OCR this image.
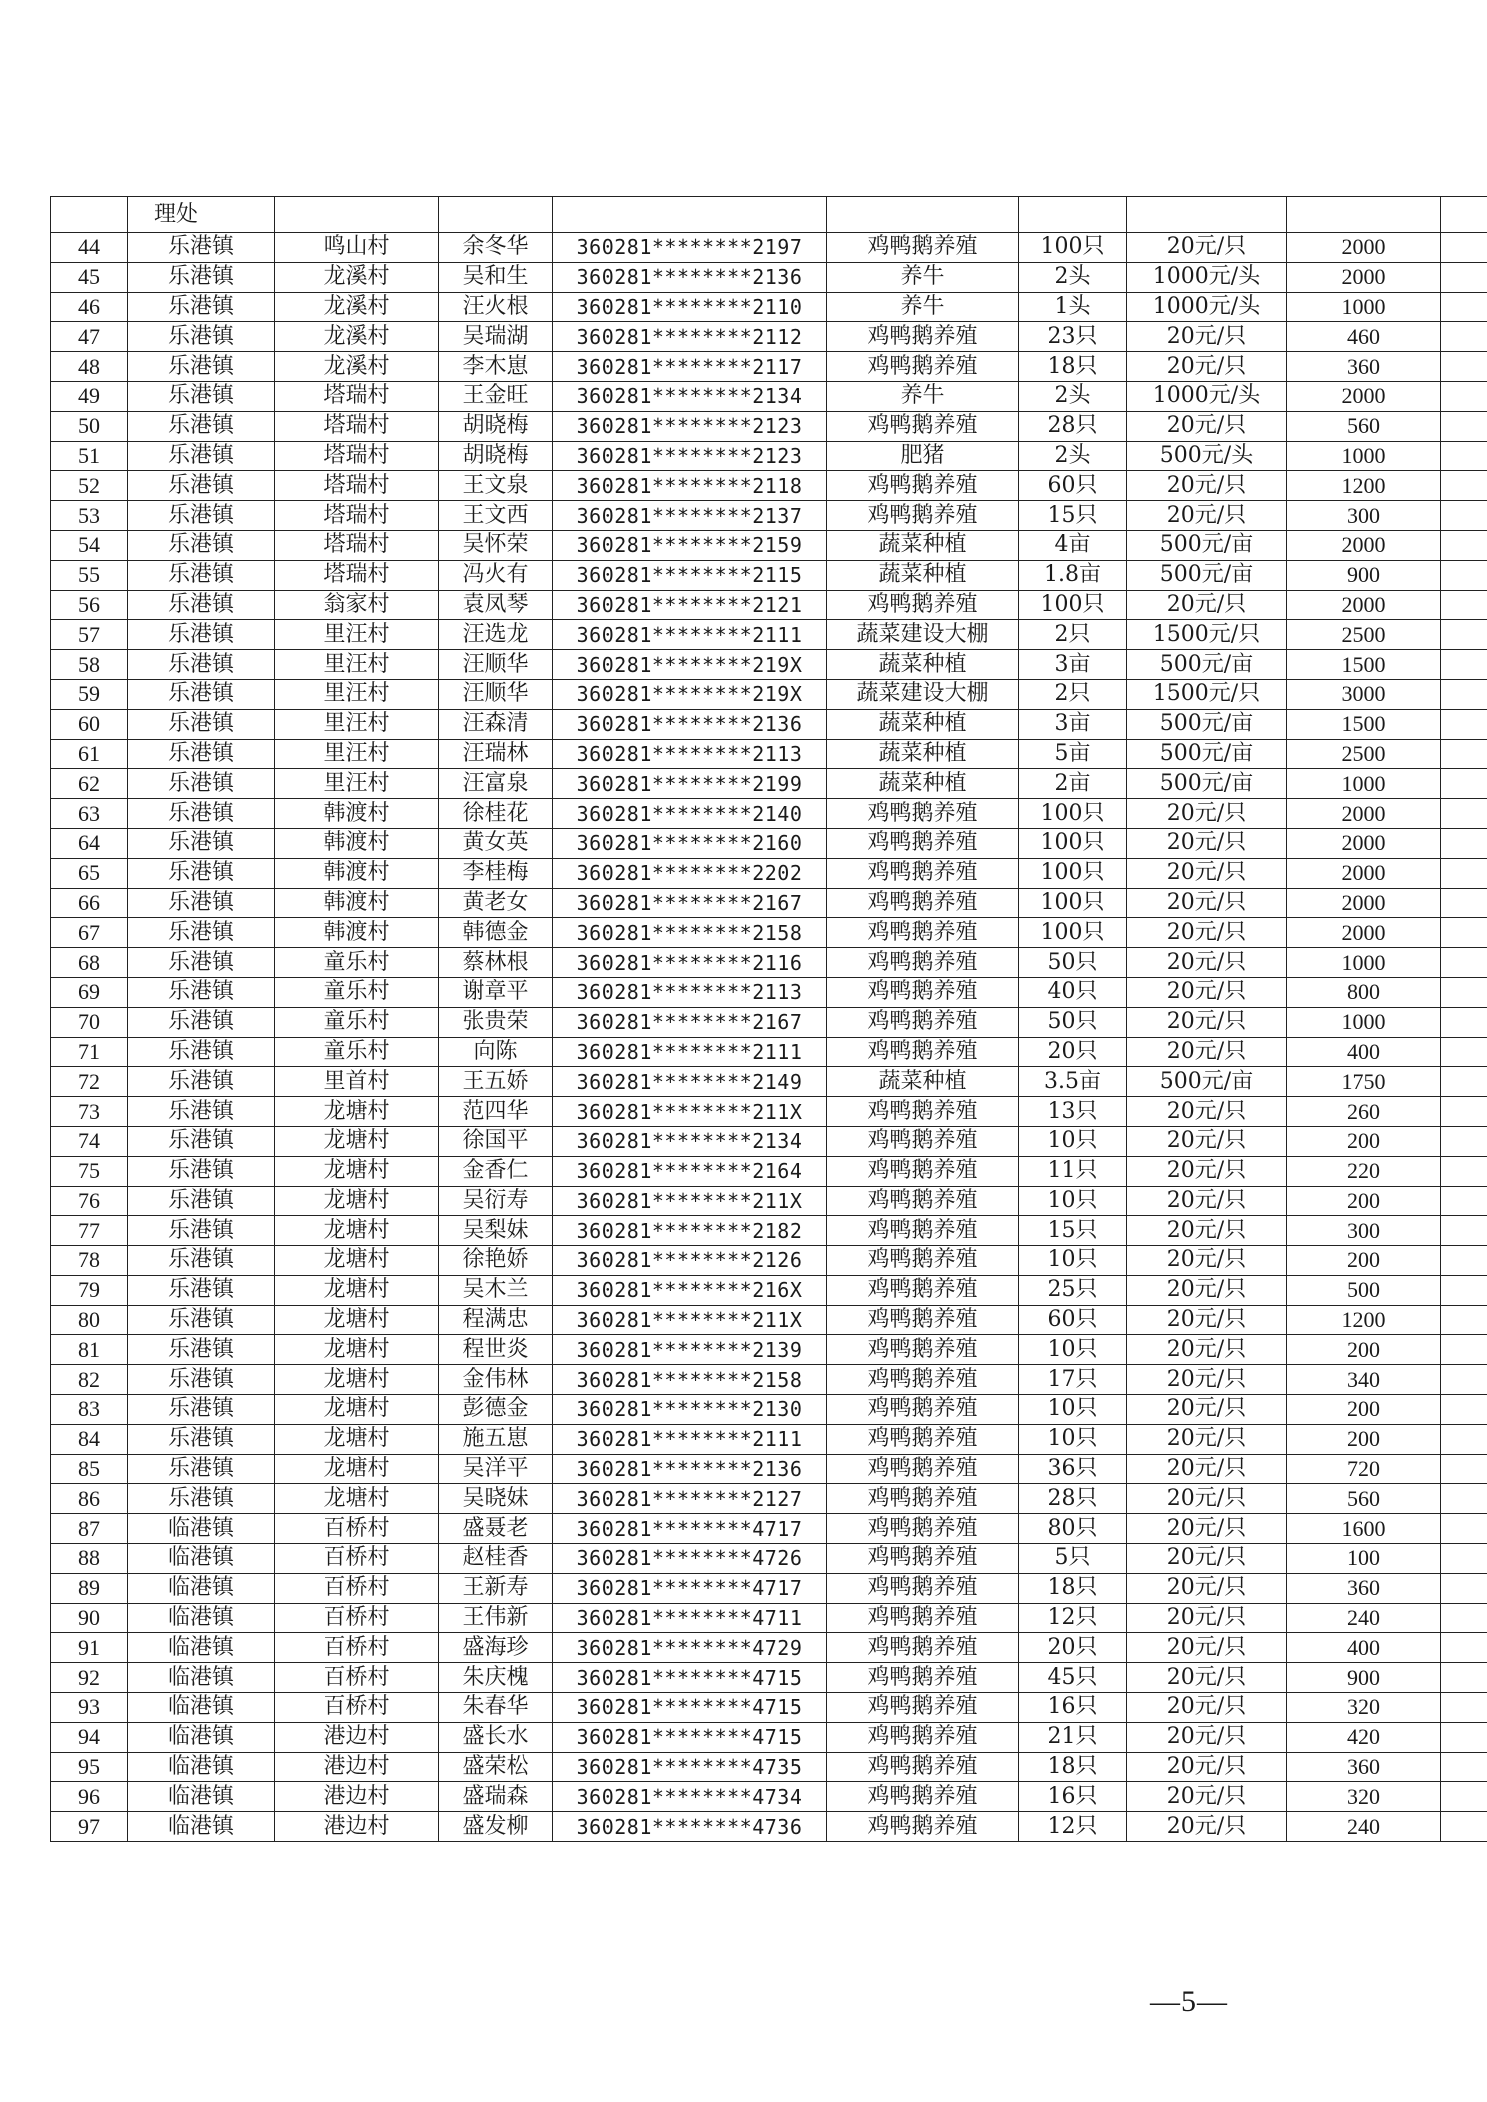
	理处								
44	乐港镇	鸣山村	余冬华	360281********2197	鸡鸭鹅养殖	100只	20元/只	2000	
45	乐港镇	龙溪村	吴和生	360281********2136	养牛	2头	1000元/头	2000	
46	乐港镇	龙溪村	汪火根	360281********2110	养牛	1头	1000元/头	1000	
47	乐港镇	龙溪村	吴瑞湖	360281********2112	鸡鸭鹅养殖	23只	20元/只	460	
48	乐港镇	龙溪村	李木崽	360281********2117	鸡鸭鹅养殖	18只	20元/只	360	
49	乐港镇	塔瑞村	王金旺	360281********2134	养牛	2头	1000元/头	2000	
50	乐港镇	塔瑞村	胡晓梅	360281********2123	鸡鸭鹅养殖	28只	20元/只	560	
51	乐港镇	塔瑞村	胡晓梅	360281********2123	肥猪	2头	500元/头	1000	
52	乐港镇	塔瑞村	王文泉	360281********2118	鸡鸭鹅养殖	60只	20元/只	1200	
53	乐港镇	塔瑞村	王文西	360281********2137	鸡鸭鹅养殖	15只	20元/只	300	
54	乐港镇	塔瑞村	吴怀荣	360281********2159	蔬菜种植	4亩	500元/亩	2000	
55	乐港镇	塔瑞村	冯火有	360281********2115	蔬菜种植	1.8亩	500元/亩	900	
56	乐港镇	翁家村	袁凤琴	360281********2121	鸡鸭鹅养殖	100只	20元/只	2000	
57	乐港镇	里汪村	汪选龙	360281********2111	蔬菜建设大棚	2只	1500元/只	2500	
58	乐港镇	里汪村	汪顺华	360281********219X	蔬菜种植	3亩	500元/亩	1500	
59	乐港镇	里汪村	汪顺华	360281********219X	蔬菜建设大棚	2只	1500元/只	3000	
60	乐港镇	里汪村	汪森清	360281********2136	蔬菜种植	3亩	500元/亩	1500	
61	乐港镇	里汪村	汪瑞林	360281********2113	蔬菜种植	5亩	500元/亩	2500	
62	乐港镇	里汪村	汪富泉	360281********2199	蔬菜种植	2亩	500元/亩	1000	
63	乐港镇	韩渡村	徐桂花	360281********2140	鸡鸭鹅养殖	100只	20元/只	2000	
64	乐港镇	韩渡村	黄女英	360281********2160	鸡鸭鹅养殖	100只	20元/只	2000	
65	乐港镇	韩渡村	李桂梅	360281********2202	鸡鸭鹅养殖	100只	20元/只	2000	
66	乐港镇	韩渡村	黄老女	360281********2167	鸡鸭鹅养殖	100只	20元/只	2000	
67	乐港镇	韩渡村	韩德金	360281********2158	鸡鸭鹅养殖	100只	20元/只	2000	
68	乐港镇	童乐村	蔡林根	360281********2116	鸡鸭鹅养殖	50只	20元/只	1000	
69	乐港镇	童乐村	谢章平	360281********2113	鸡鸭鹅养殖	40只	20元/只	800	
70	乐港镇	童乐村	张贵荣	360281********2167	鸡鸭鹅养殖	50只	20元/只	1000	
71	乐港镇	童乐村	向陈	360281********2111	鸡鸭鹅养殖	20只	20元/只	400	
72	乐港镇	里首村	王五娇	360281********2149	蔬菜种植	3.5亩	500元/亩	1750	
73	乐港镇	龙塘村	范四华	360281********211X	鸡鸭鹅养殖	13只	20元/只	260	
74	乐港镇	龙塘村	徐国平	360281********2134	鸡鸭鹅养殖	10只	20元/只	200	
75	乐港镇	龙塘村	金香仁	360281********2164	鸡鸭鹅养殖	11只	20元/只	220	
76	乐港镇	龙塘村	吴衍寿	360281********211X	鸡鸭鹅养殖	10只	20元/只	200	
77	乐港镇	龙塘村	吴梨妹	360281********2182	鸡鸭鹅养殖	15只	20元/只	300	
78	乐港镇	龙塘村	徐艳娇	360281********2126	鸡鸭鹅养殖	10只	20元/只	200	
79	乐港镇	龙塘村	吴木兰	360281********216X	鸡鸭鹅养殖	25只	20元/只	500	
80	乐港镇	龙塘村	程满忠	360281********211X	鸡鸭鹅养殖	60只	20元/只	1200	
81	乐港镇	龙塘村	程世炎	360281********2139	鸡鸭鹅养殖	10只	20元/只	200	
82	乐港镇	龙塘村	金伟林	360281********2158	鸡鸭鹅养殖	17只	20元/只	340	
83	乐港镇	龙塘村	彭德金	360281********2130	鸡鸭鹅养殖	10只	20元/只	200	
84	乐港镇	龙塘村	施五崽	360281********2111	鸡鸭鹅养殖	10只	20元/只	200	
85	乐港镇	龙塘村	吴洋平	360281********2136	鸡鸭鹅养殖	36只	20元/只	720	
86	乐港镇	龙塘村	吴晓妹	360281********2127	鸡鸭鹅养殖	28只	20元/只	560	
87	临港镇	百桥村	盛聂老	360281********4717	鸡鸭鹅养殖	80只	20元/只	1600	
88	临港镇	百桥村	赵桂香	360281********4726	鸡鸭鹅养殖	5只	20元/只	100	
89	临港镇	百桥村	王新寿	360281********4717	鸡鸭鹅养殖	18只	20元/只	360	
90	临港镇	百桥村	王伟新	360281********4711	鸡鸭鹅养殖	12只	20元/只	240	
91	临港镇	百桥村	盛海珍	360281********4729	鸡鸭鹅养殖	20只	20元/只	400	
92	临港镇	百桥村	朱庆槐	360281********4715	鸡鸭鹅养殖	45只	20元/只	900	
93	临港镇	百桥村	朱春华	360281********4715	鸡鸭鹅养殖	16只	20元/只	320	
94	临港镇	港边村	盛长水	360281********4715	鸡鸭鹅养殖	21只	20元/只	420	
95	临港镇	港边村	盛荣松	360281********4735	鸡鸭鹅养殖	18只	20元/只	360	
96	临港镇	港边村	盛瑞森	360281********4734	鸡鸭鹅养殖	16只	20元/只	320	
97	临港镇	港边村	盛发柳	360281********4736	鸡鸭鹅养殖	12只	20元/只	240	
—5—
